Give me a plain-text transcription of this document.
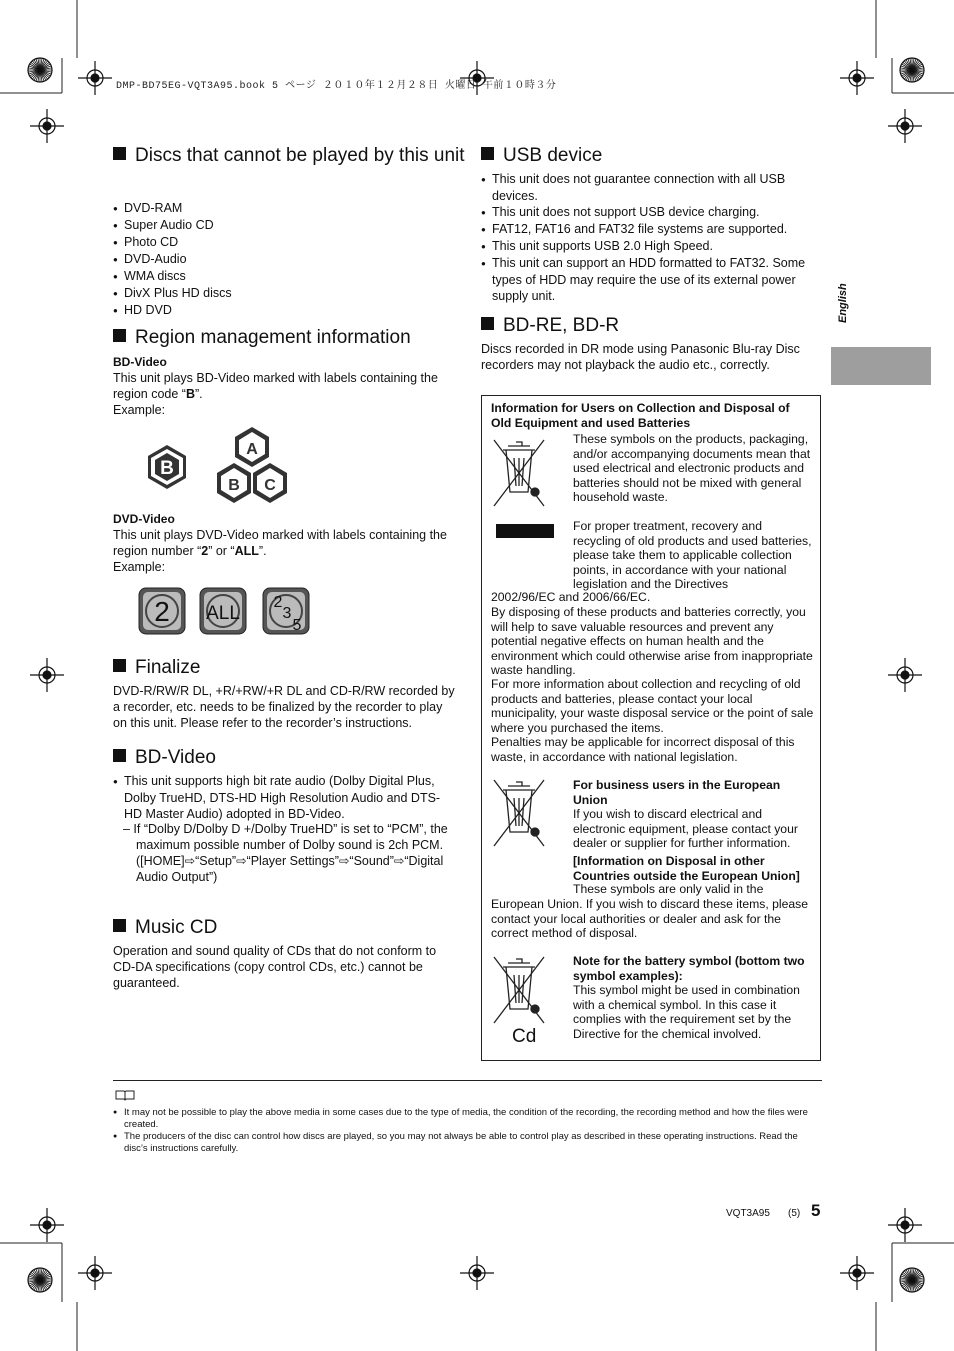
DMP-BD75EG-VQT3A95.book 5 ページ ２０１０年１２月２８日 火曜日 午前１０時３分
English
Discs that cannot be played by this unit
● DVD-RAM
● Super Audio CD
● Photo CD
● DVD-Audio
● WMA discs
● DivX Plus HD discs
● HD DVD
Region management information
BD-Video

This unit plays BD-Video marked with labels containing the region code “B”.
Example:

B
A
B C
DVD-Video

This unit plays DVD-Video marked with labels containing the region number “2” or “ALL”.
Example:

2 ALL
2
3
5
Finalize

DVD-R/RW/R DL, +R/+RW/+R DL and CD-R/RW recorded by a recorder, etc. needs to be finalized by the recorder to play on this unit. Please refer to the recorder’s instructions.

BD-Video
● This unit supports high bit rate audio (Dolby Digital Plus, Dolby TrueHD, DTS-HD High Resolution Audio and DTS-HD Master Audio) adopted in BD-Video.

– If “Dolby D/Dolby D +/Dolby TrueHD” is set to “PCM”, the maximum possible number of Dolby sound is 2ch PCM. ([HOME]⇨“Setup”⇨“Player Settings”⇨“Sound”⇨“Digital Audio Output”)

Music CD

Operation and sound quality of CDs that do not conform to CD-DA specifications (copy control CDs, etc.) cannot be guaranteed.

USB device
● This unit does not guarantee connection with all USB devices.
● This unit does not support USB device charging.
● FAT12, FAT16 and FAT32 file systems are supported.
● This unit supports USB 2.0 High Speed.
● This unit can support an HDD formatted to FAT32. Some types of HDD may require the use of its external power supply unit.
BD-RE, BD-R

Discs recorded in DR mode using Panasonic Blu-ray Disc recorders may not playback the audio etc., correctly.

Information for Users on Collection and Disposal of Old Equipment and used Batteries

These symbols on the products, packaging, and/or accompanying documents mean that used electrical and electronic products and batteries should not be mixed with general household waste.

For proper treatment, recovery and recycling of old products and used batteries, please take them to applicable collection points, in accordance with your national legislation and the Directives

2002/96/EC and 2006/66/EC.

By disposing of these products and batteries correctly, you will help to save valuable resources and prevent any potential negative effects on human health and the environment which could otherwise arise from inappropriate waste handling.

For more information about collection and recycling of old products and batteries, please contact your local municipality, your waste disposal service or the point of sale where you purchased the items.

Penalties may be applicable for incorrect disposal of this waste, in accordance with national legislation.

For business users in the European Union

If you wish to discard electrical and electronic equipment, please contact your dealer or supplier for further information.

[Information on Disposal in other Countries outside the European Union]

These symbols are only valid in the

European Union. If you wish to discard these items, please contact your local authorities or dealer and ask for the correct method of disposal.

Cd

Note for the battery symbol (bottom two symbol examples):

This symbol might be used in combination with a chemical symbol. In this case it complies with the requirement set by the Directive for the chemical involved.

● It may not be possible to play the above media in some cases due to the type of media, the condition of the recording, the recording method and how the files were created.
● The producers of the disc can control how discs are played, so you may not always be able to control play as described in these operating instructions. Read the disc’s instructions carefully.
VQT3A95 (5) 5
